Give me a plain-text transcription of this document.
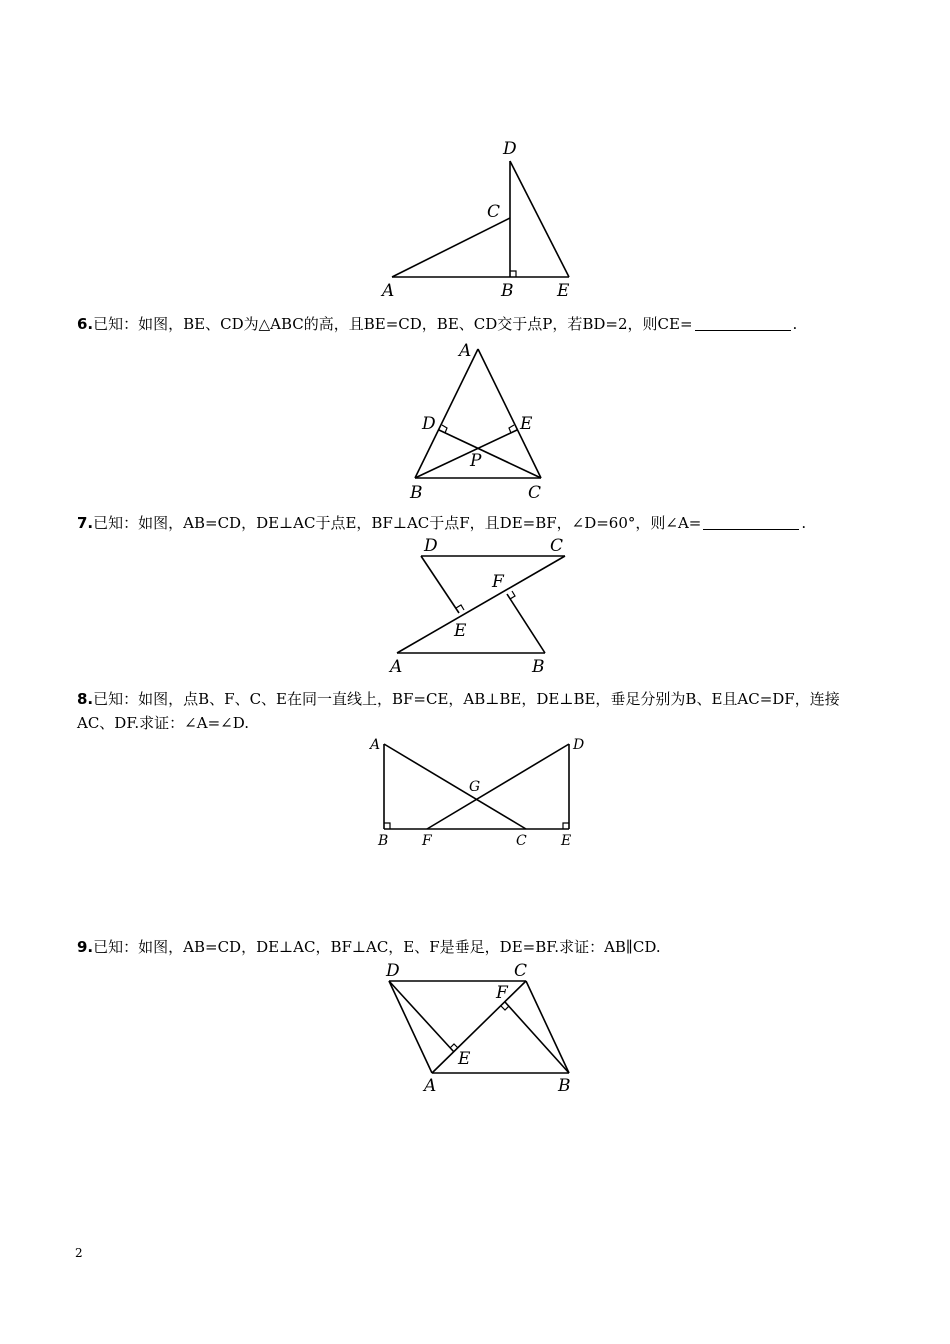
D
C
A	B	E
6.已知：如图，BE、CD为△ABC的高，且BE=CD，BE、CD交于点P，若BD=2，则CE=	.
A
D	E
P
B	C
7.已知：如图，AB=CD，DE⊥AC于点E，BF⊥AC于点F，且DE=BF，∠D=60°，则∠A=	.
D	C
F
E
A	B
8.已知：如图，点B、F、C、E在同一直线上，BF=CE，AB⊥BE，DE⊥BE，垂足分别为B、E且AC=DF，连接
AC、DF.求证：∠A=∠D.
A	D
G
B F	C E
9.已知：如图，AB=CD，DE⊥AC，BF⊥AC，E、F是垂足，DE=BF.求证：AB∥CD.
D	C
F
E
A	B
2
